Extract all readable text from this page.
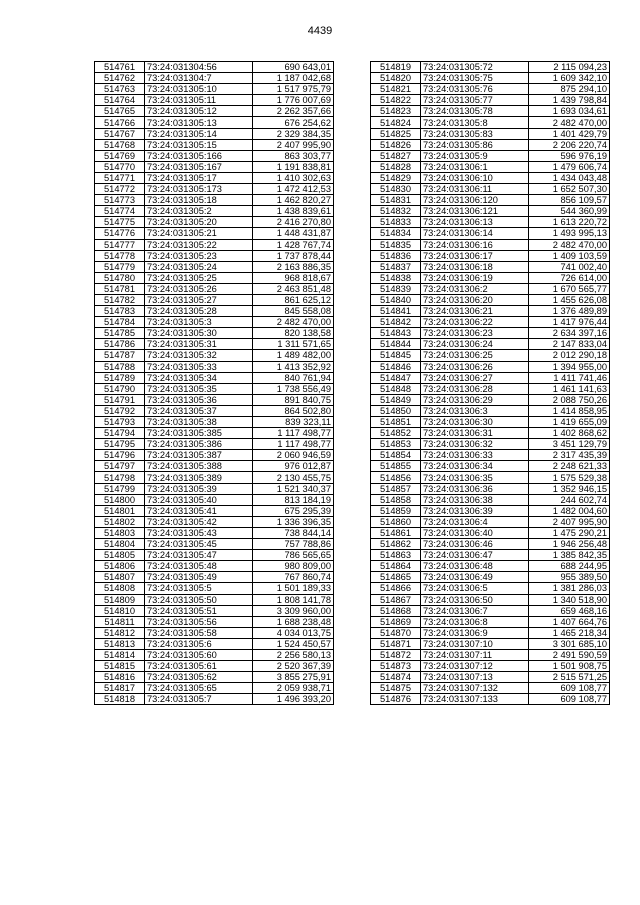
4439
514761	73:24:031304:56	690 643,01
514762	73:24:031304:7	1 187 042,68
514763	73:24:031305:10	1 517 975,79
514764	73:24:031305:11	1 776 007,69
514765	73:24:031305:12	2 262 357,66
514766	73:24:031305:13	676 254,62
514767	73:24:031305:14	2 329 384,35
514768	73:24:031305:15	2 407 995,90
514769	73:24:031305:166	863 303,77
514770	73:24:031305:167	1 191 838,81
514771	73:24:031305:17	1 410 302,63
514772	73:24:031305:173	1 472 412,53
514773	73:24:031305:18	1 462 820,27
514774	73:24:031305:2	1 438 839,61
514775	73:24:031305:20	2 416 270,80
514776	73:24:031305:21	1 448 431,87
514777	73:24:031305:22	1 428 767,74
514778	73:24:031305:23	1 737 878,44
514779	73:24:031305:24	2 163 886,35
514780	73:24:031305:25	968 818,67
514781	73:24:031305:26	2 463 851,48
514782	73:24:031305:27	861 625,12
514783	73:24:031305:28	845 558,08
514784	73:24:031305:3	2 482 470,00
514785	73:24:031305:30	820 138,58
514786	73:24:031305:31	1 311 571,65
514787	73:24:031305:32	1 489 482,00
514788	73:24:031305:33	1 413 352,92
514789	73:24:031305:34	840 761,94
514790	73:24:031305:35	1 738 556,49
514791	73:24:031305:36	891 840,75
514792	73:24:031305:37	864 502,80
514793	73:24:031305:38	839 323,11
514794	73:24:031305:385	1 117 498,77
514795	73:24:031305:386	1 117 498,77
514796	73:24:031305:387	2 060 946,59
514797	73:24:031305:388	976 012,87
514798	73:24:031305:389	2 130 455,75
514799	73:24:031305:39	1 521 340,37
514800	73:24:031305:40	813 184,19
514801	73:24:031305:41	675 295,39
514802	73:24:031305:42	1 336 396,35
514803	73:24:031305:43	738 844,14
514804	73:24:031305:45	757 788,86
514805	73:24:031305:47	786 565,65
514806	73:24:031305:48	980 809,00
514807	73:24:031305:49	767 860,74
514808	73:24:031305:5	1 501 189,33
514809	73:24:031305:50	1 808 141,78
514810	73:24:031305:51	3 309 960,00
514811	73:24:031305:56	1 688 238,48
514812	73:24:031305:58	4 034 013,75
514813	73:24:031305:6	1 524 450,57
514814	73:24:031305:60	2 256 580,13
514815	73:24:031305:61	2 520 367,39
514816	73:24:031305:62	3 855 275,91
514817	73:24:031305:65	2 059 938,71
514818	73:24:031305:7	1 496 393,20
514819	73:24:031305:72	2 115 094,23
514820	73:24:031305:75	1 609 342,10
514821	73:24:031305:76	875 294,10
514822	73:24:031305:77	1 439 798,84
514823	73:24:031305:78	1 693 034,61
514824	73:24:031305:8	2 482 470,00
514825	73:24:031305:83	1 401 429,79
514826	73:24:031305:86	2 206 220,74
514827	73:24:031305:9	596 976,19
514828	73:24:031306:1	1 479 606,74
514829	73:24:031306:10	1 434 043,48
514830	73:24:031306:11	1 652 507,30
514831	73:24:031306:120	856 109,57
514832	73:24:031306:121	544 360,99
514833	73:24:031306:13	1 613 220,72
514834	73:24:031306:14	1 493 995,13
514835	73:24:031306:16	2 482 470,00
514836	73:24:031306:17	1 409 103,59
514837	73:24:031306:18	741 002,40
514838	73:24:031306:19	726 614,00
514839	73:24:031306:2	1 670 565,77
514840	73:24:031306:20	1 455 626,08
514841	73:24:031306:21	1 376 489,89
514842	73:24:031306:22	1 417 976,44
514843	73:24:031306:23	2 634 397,16
514844	73:24:031306:24	2 147 833,04
514845	73:24:031306:25	2 012 290,18
514846	73:24:031306:26	1 394 955,00
514847	73:24:031306:27	1 411 741,46
514848	73:24:031306:28	1 461 141,63
514849	73:24:031306:29	2 088 750,26
514850	73:24:031306:3	1 414 858,95
514851	73:24:031306:30	1 419 655,09
514852	73:24:031306:31	1 402 868,62
514853	73:24:031306:32	3 451 129,79
514854	73:24:031306:33	2 317 435,39
514855	73:24:031306:34	2 248 621,33
514856	73:24:031306:35	1 575 529,38
514857	73:24:031306:36	1 352 946,15
514858	73:24:031306:38	244 602,74
514859	73:24:031306:39	1 482 004,60
514860	73:24:031306:4	2 407 995,90
514861	73:24:031306:40	1 475 290,21
514862	73:24:031306:46	1 946 256,48
514863	73:24:031306:47	1 385 842,35
514864	73:24:031306:48	688 244,95
514865	73:24:031306:49	955 389,50
514866	73:24:031306:5	1 381 286,03
514867	73:24:031306:50	1 340 518,90
514868	73:24:031306:7	659 468,16
514869	73:24:031306:8	1 407 664,76
514870	73:24:031306:9	1 465 218,34
514871	73:24:031307:10	3 301 685,10
514872	73:24:031307:11	2 491 590,59
514873	73:24:031307:12	1 501 908,75
514874	73:24:031307:13	2 515 571,25
514875	73:24:031307:132	609 108,77
514876	73:24:031307:133	609 108,77
